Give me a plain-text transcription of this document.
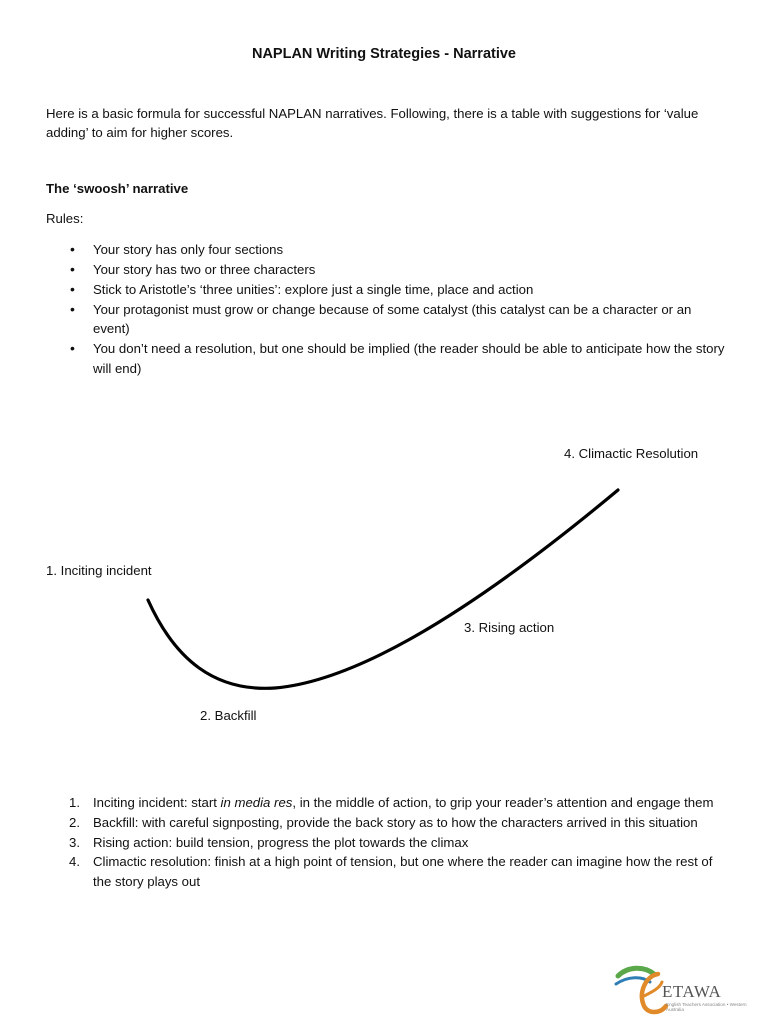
NAPLAN Writing Strategies - Narrative

Here is a basic formula for successful NAPLAN narratives. Following, there is a table with suggestions for ‘value adding’ to aim for higher scores.

The ‘swoosh’ narrative
Rules:
• Your story has only four sections
• Your story has two or three characters
• Stick to Aristotle’s ‘three unities’: explore just a single time, place and action
• Your protagonist must grow or change because of some catalyst (this catalyst can be a character or an event)
• You don’t need a resolution, but one should be implied (the reader should be able to anticipate how the story will end)
4. Climactic Resolution
1. Inciting incident
3. Rising action
2. Backfill
1. Inciting incident: start in media res, in the middle of action, to grip your reader’s attention and engage them
2. Backfill: with careful signposting, provide the back story as to how the characters arrived in this situation
3. Rising action: build tension, progress the plot towards the climax
4. Climactic resolution: finish at a high point of tension, but one where the reader can imagine how the rest of the story plays out
ETAWA
English Teachers Association • Western Australia
